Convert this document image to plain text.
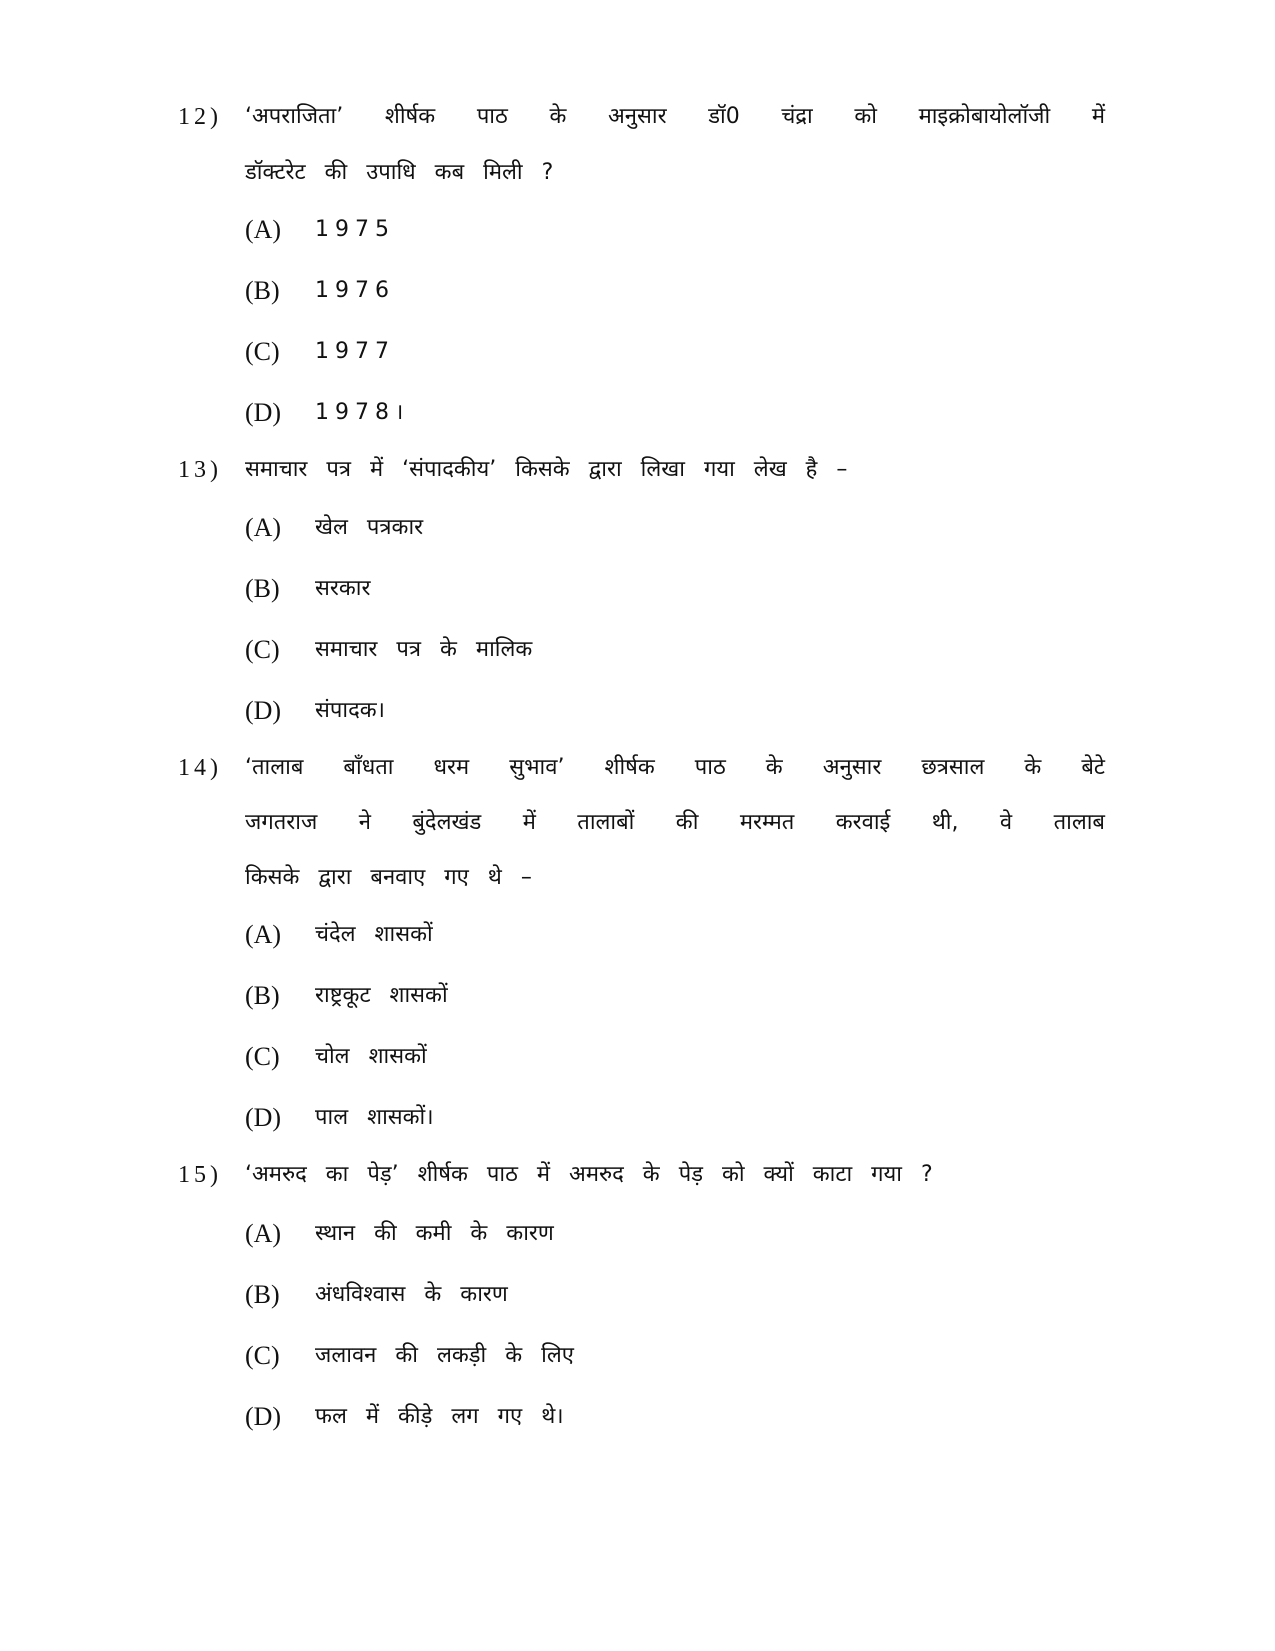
12) ‘अपराजिता’ शीर्षक पाठ के अनुसार डॉ0 चंद्रा को माइक्रोबायोलॉजी में
डॉक्टरेट की उपाधि कब मिली ?
(A) 1975
(B) 1976
(C) 1977
(D) 1978।
13) समाचार पत्र में ‘संपादकीय’ किसके द्वारा लिखा गया लेख है –
(A) खेल पत्रकार
(B) सरकार
(C) समाचार पत्र के मालिक
(D) संपादक।
14) ‘तालाब बाँधता धरम सुभाव’ शीर्षक पाठ के अनुसार छत्रसाल के बेटे
जगतराज ने बुंदेलखंड में तालाबों की मरम्मत करवाई थी, वे तालाब
किसके द्वारा बनवाए गए थे –
(A) चंदेल शासकों
(B) राष्ट्रकूट शासकों
(C) चोल शासकों
(D) पाल शासकों।
15) ‘अमरुद का पेड़’ शीर्षक पाठ में अमरुद के पेड़ को क्यों काटा गया ?
(A) स्थान की कमी के कारण
(B) अंधविश्वास के कारण
(C) जलावन की लकड़ी के लिए
(D) फल में कीड़े लग गए थे।
